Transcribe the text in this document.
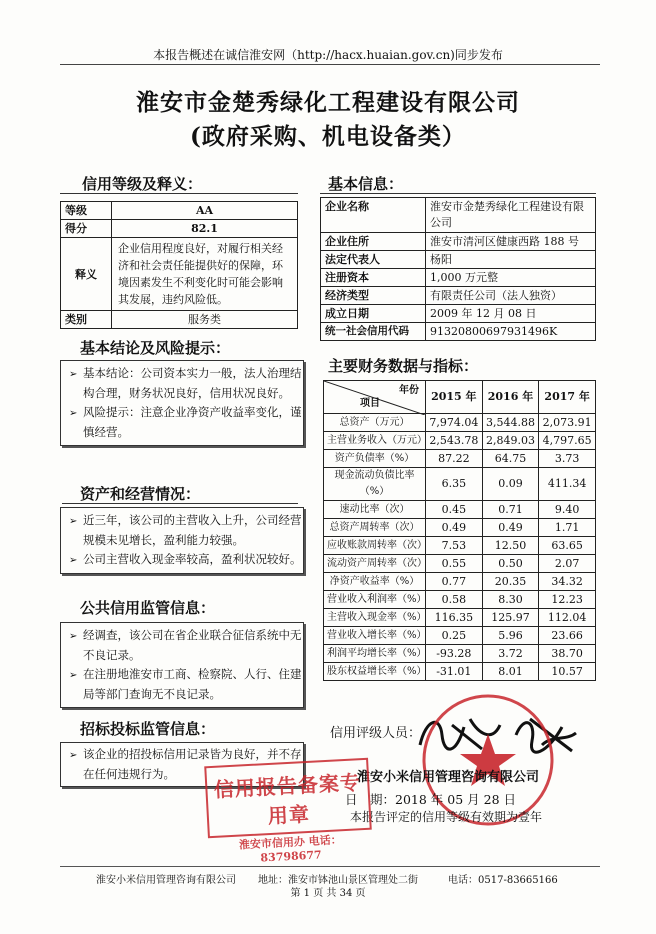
本报告概述在诚信淮安网（http://hacx.huaian.gov.cn)同步发布
淮安市金楚秀绿化工程建设有限公司
(政府采购、机电设备类）
信用等级及释义：
等级	AA
得分	82.1
释义	企业信用程度良好，对履行相关经济和社会责任能提供好的保障，环境因素发生不利变化时可能会影响其发展，违约风险低。
类别	服务类
基本信息：
企业名称	淮安市金楚秀绿化工程建设有限公司
企业住所	淮安市清河区健康西路 188 号
法定代表人	杨阳
注册资本	1,000 万元整
经济类型	有限责任公司（法人独资）
成立日期	2009 年 12 月 08 日
统一社会信用代码	91320800697931496K
基本结论及风险提示：

➢ 基本结论：公司资本实力一般，法人治理结构合理，财务状况良好，信用状况良好。

➢ 风险提示：注意企业净资产收益率变化，谨慎经营。

资产和经营情况：

➢ 近三年，该公司的主营收入上升，公司经营规模未见增长，盈利能力较强。

➢ 公司主营收入现金率较高，盈利状况较好。

公共信用监管信息：

➢ 经调查，该公司在省企业联合征信系统中无不良记录。

➢ 在注册地淮安市工商、检察院、人行、住建局等部门查询无不良记录。

招标投标监管信息：

➢ 该企业的招投标信用记录皆为良好，并不存在任何违规行为。

主要财务数据与指标：
年份
项目	2015 年	2016 年	2017 年
总资产（万元）	7,974.04	3,544.88	2,073.91
主营业务收入（万元）	2,543.78	2,849.03	4,797.65
资产负债率（%）	87.22	64.75	3.73
现金流动负债比率（%）	6.35	0.09	411.34
速动比率（次）	0.45	0.71	9.40
总资产周转率（次）	0.49	0.49	1.71
应收账款周转率（次）	7.53	12.50	63.65
流动资产周转率（次）	0.55	0.50	2.07
净资产收益率（%）	0.77	20.35	34.32
营业收入利润率（%）	0.58	8.30	12.23
主营收入现金率（%）	116.35	125.97	112.04
营业收入增长率（%）	0.25	5.96	23.66
利润平均增长率（%）	-93.28	3.72	38.70
股东权益增长率（%）	-31.01	8.01	10.57
信用评级人员：
淮安小米信用管理咨询有限公司
日　期：2018 年 05 月 28 日
本报告评定的信用等级有效期为壹年
信用报告备案专用章
淮安市信用办 电话：83798677
淮安小米信用管理咨询有限公司 地址：淮安市钵池山景区管理处二街	电话：0517-83665166
第 1 页 共 34 页
